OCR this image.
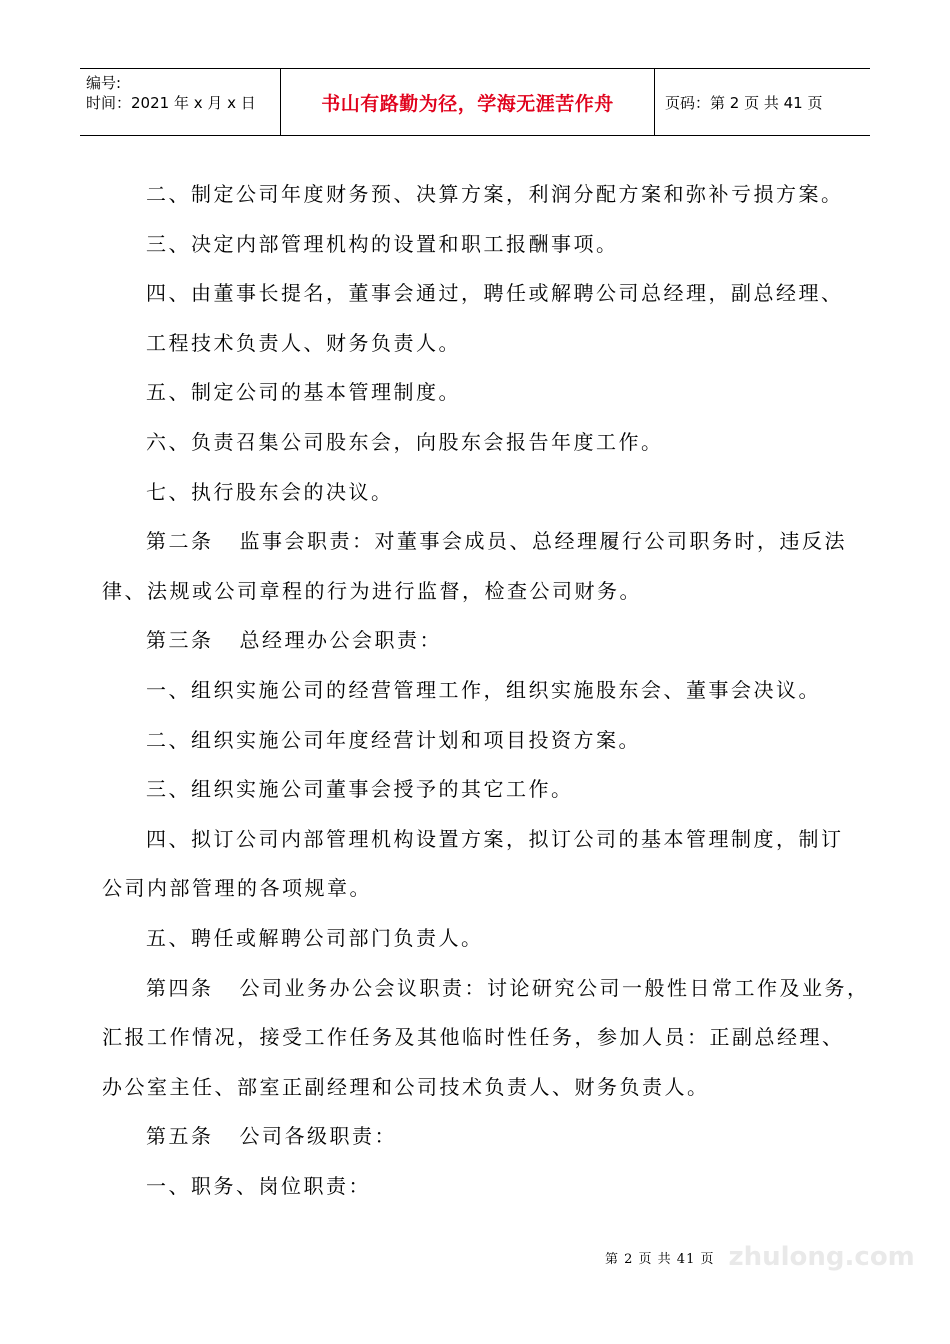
编号:
时间：2021 年 x 月 x 日	书山有路勤为径，学海无涯苦作舟	页码：第 2 页 共 41 页
二、制定公司年度财务预、决算方案，利润分配方案和弥补亏损方案。
三、决定内部管理机构的设置和职工报酬事项。
四、由董事长提名，董事会通过，聘任或解聘公司总经理，副总经理、
工程技术负责人、财务负责人。
五、制定公司的基本管理制度。
六、负责召集公司股东会，向股东会报告年度工作。
七、执行股东会的决议。
第二条 监事会职责：对董事会成员、总经理履行公司职务时，违反法
律、法规或公司章程的行为进行监督，检查公司财务。
第三条 总经理办公会职责：
一、组织实施公司的经营管理工作，组织实施股东会、董事会决议。
二、组织实施公司年度经营计划和项目投资方案。
三、组织实施公司董事会授予的其它工作。
四、拟订公司内部管理机构设置方案，拟订公司的基本管理制度，制订
公司内部管理的各项规章。
五、聘任或解聘公司部门负责人。
第四条 公司业务办公会议职责：讨论研究公司一般性日常工作及业务，
汇报工作情况，接受工作任务及其他临时性任务，参加人员：正副总经理、
办公室主任、部室正副经理和公司技术负责人、财务负责人。
第五条 公司各级职责：
一、职务、岗位职责：
第 2 页 共 41 页 zhulong.com
